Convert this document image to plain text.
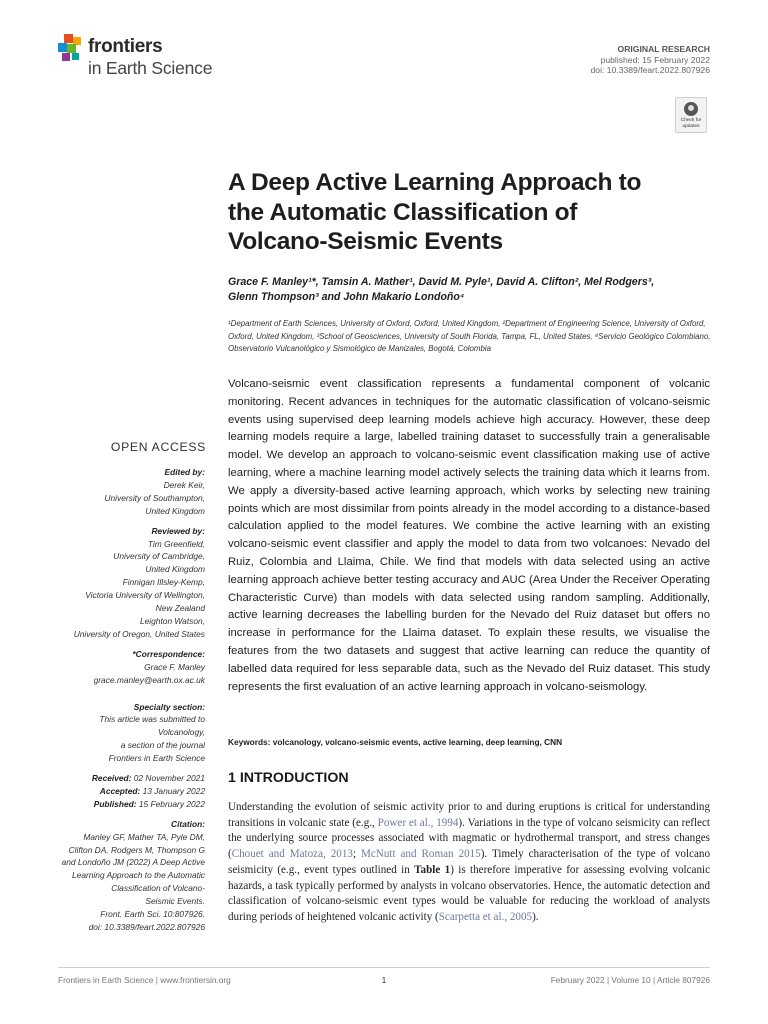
frontiers
in Earth Science
ORIGINAL RESEARCH
published: 15 February 2022
doi: 10.3389/feart.2022.807926
Check for updates
A Deep Active Learning Approach to
the Automatic Classification of
Volcano-Seismic Events
Grace F. Manley¹*, Tamsin A. Mather¹, David M. Pyle¹, David A. Clifton², Mel Rodgers³,
Glenn Thompson³ and John Makario Londoño⁴
¹Department of Earth Sciences, University of Oxford, Oxford, United Kingdom, ²Department of Engineering Science, University of Oxford, Oxford, United Kingdom, ³School of Geosciences, University of South Florida, Tampa, FL, United States, ⁴Servicio Geológico Colombiano, Observatorio Vulcanológico y Sismológico de Manizales, Bogotá, Colombia
Volcano-seismic event classification represents a fundamental component of volcanic monitoring. Recent advances in techniques for the automatic classification of volcano-seismic events using supervised deep learning models achieve high accuracy. However, these deep learning models require a large, labelled training dataset to successfully train a generalisable model. We develop an approach to volcano-seismic event classification making use of active learning, where a machine learning model actively selects the training data which it learns from. We apply a diversity-based active learning approach, which works by selecting new training points which are most dissimilar from points already in the model according to a distance-based calculation applied to the model features. We combine the active learning with an existing volcano-seismic event classifier and apply the model to data from two volcanoes: Nevado del Ruiz, Colombia and Llaima, Chile. We find that models with data selected using an active learning approach achieve better testing accuracy and AUC (Area Under the Receiver Operating Characteristic Curve) than models with data selected using random sampling. Additionally, active learning decreases the labelling burden for the Nevado del Ruiz dataset but offers no increase in performance for the Llaima dataset. To explain these results, we visualise the features from the two datasets and suggest that active learning can reduce the quantity of labelled data required for less separable data, such as the Nevado del Ruiz dataset. This study represents the first evaluation of an active learning approach in volcano-seismology.
Keywords: volcanology, volcano-seismic events, active learning, deep learning, CNN
1 INTRODUCTION
Understanding the evolution of seismic activity prior to and during eruptions is critical for understanding transitions in volcanic state (e.g., Power et al., 1994). Variations in the type of volcano seismicity can reflect the underlying source processes associated with magmatic or hydrothermal transport, and stress changes (Chouet and Matoza, 2013; McNutt and Roman 2015). Timely characterisation of the type of volcano seismicity (e.g., event types outlined in Table 1) is therefore imperative for assessing evolving volcanic hazards, a task typically performed by analysts in volcano observatories. Hence, the automatic detection and classification of volcano-seismic event types would be valuable for reducing the workload of analysts during periods of heightened volcanic activity (Scarpetta et al., 2005).
OPEN ACCESS
Edited by:
Derek Keir,
University of Southampton,
United Kingdom
Reviewed by:
Tim Greenfield,
University of Cambridge,
United Kingdom
Finnigan Illsley-Kemp,
Victoria University of Wellington,
New Zealand
Leighton Watson,
University of Oregon, United States
*Correspondence:
Grace F. Manley
grace.manley@earth.ox.ac.uk
Specialty section:
This article was submitted to
Volcanology,
a section of the journal
Frontiers in Earth Science
Received: 02 November 2021
Accepted: 13 January 2022
Published: 15 February 2022
Citation:
Manley GF, Mather TA, Pyle DM,
Clifton DA, Rodgers M, Thompson G
and Londoño JM (2022) A Deep Active
Learning Approach to the Automatic
Classification of Volcano-
Seismic Events.
Front. Earth Sci. 10:807926.
doi: 10.3389/feart.2022.807926
Frontiers in Earth Science | www.frontiersin.org	1	February 2022 | Volume 10 | Article 807926
